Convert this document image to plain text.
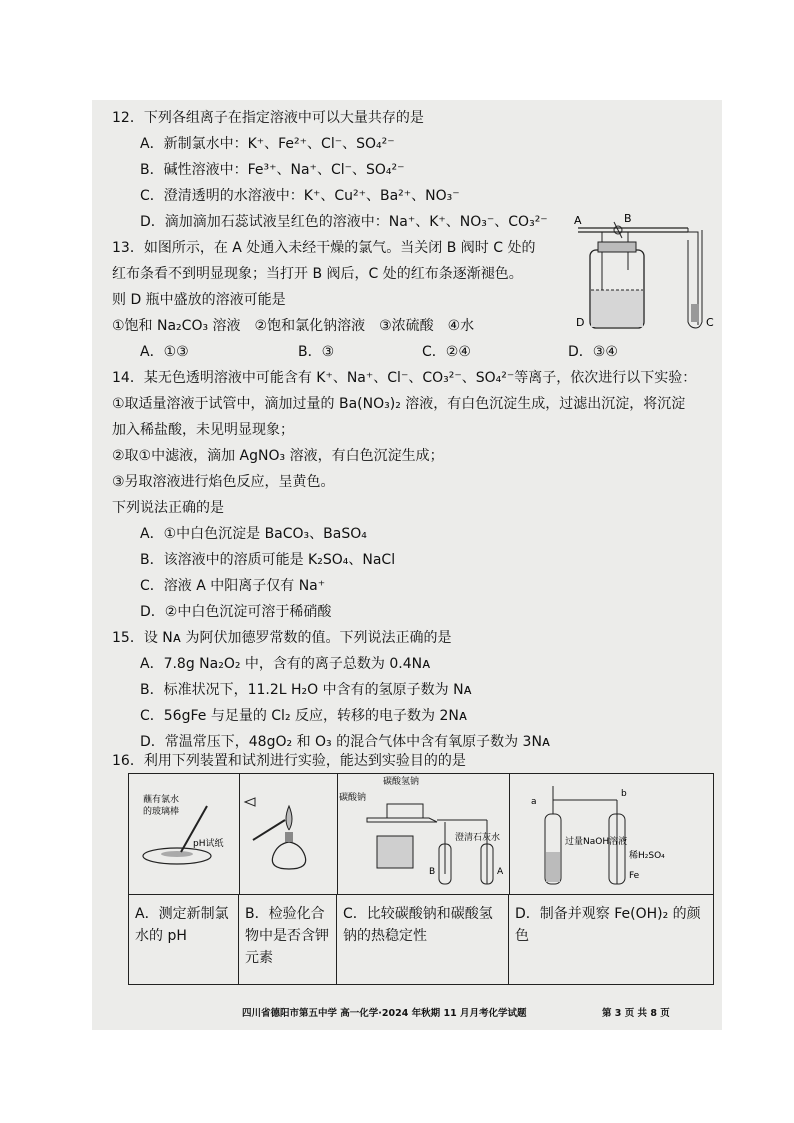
12．下列各组离子在指定溶液中可以大量共存的是
A．新制氯水中：K⁺、Fe²⁺、Cl⁻、SO₄²⁻
B．碱性溶液中：Fe³⁺、Na⁺、Cl⁻、SO₄²⁻
C．澄清透明的水溶液中：K⁺、Cu²⁺、Ba²⁺、NO₃⁻
D．滴加滴加石蕊试液呈红色的溶液中：Na⁺、K⁺、NO₃⁻、CO₃²⁻
13．如图所示，在 A 处通入未经干燥的氯气。当关闭 B 阀时 C 处的
红布条看不到明显现象；当打开 B 阀后，C 处的红布条逐渐褪色。
则 D 瓶中盛放的溶液可能是
①饱和 Na₂CO₃ 溶液　②饱和氯化钠溶液　③浓硫酸　④水
A．①③	B．③	C．②④	D．③④
A	B
C
D
14．某无色透明溶液中可能含有 K⁺、Na⁺、Cl⁻、CO₃²⁻、SO₄²⁻等离子，依次进行以下实验：
①取适量溶液于试管中，滴加过量的 Ba(NO₃)₂ 溶液，有白色沉淀生成，过滤出沉淀，将沉淀
加入稀盐酸，未见明显现象；
②取①中滤液，滴加 AgNO₃ 溶液，有白色沉淀生成；
③另取溶液进行焰色反应，呈黄色。
下列说法正确的是
A．①中白色沉淀是 BaCO₃、BaSO₄
B．该溶液中的溶质可能是 K₂SO₄、NaCl
C．溶液 A 中阳离子仅有 Na⁺
D．②中白色沉淀可溶于稀硝酸
15．设 Nᴀ 为阿伏加德罗常数的值。下列说法正确的是
A．7.8g Na₂O₂ 中，含有的离子总数为 0.4Nᴀ
B．标准状况下，11.2L H₂O 中含有的氢原子数为 Nᴀ
C．56gFe 与足量的 Cl₂ 反应，转移的电子数为 2Nᴀ
D．常温常压下，48gO₂ 和 O₃ 的混合气体中含有氧原子数为 3Nᴀ
16．利用下列装置和试剂进行实验，能达到实验目的的是
蘸有氯水
的玻璃棒
pH试纸
碳酸氢钠
碳酸钠
澄清石灰水
B	A
a
b
过量NaOH溶液
稀H₂SO₄
Fe
A．测定新制氯水的 pH
B．检验化合物中是否含钾元素
C．比较碳酸钠和碳酸氢钠的热稳定性
D．制备并观察 Fe(OH)₂ 的颜色
四川省德阳市第五中学 高一化学·2024 年秋期 11 月月考化学试题	第 3 页 共 8 页
